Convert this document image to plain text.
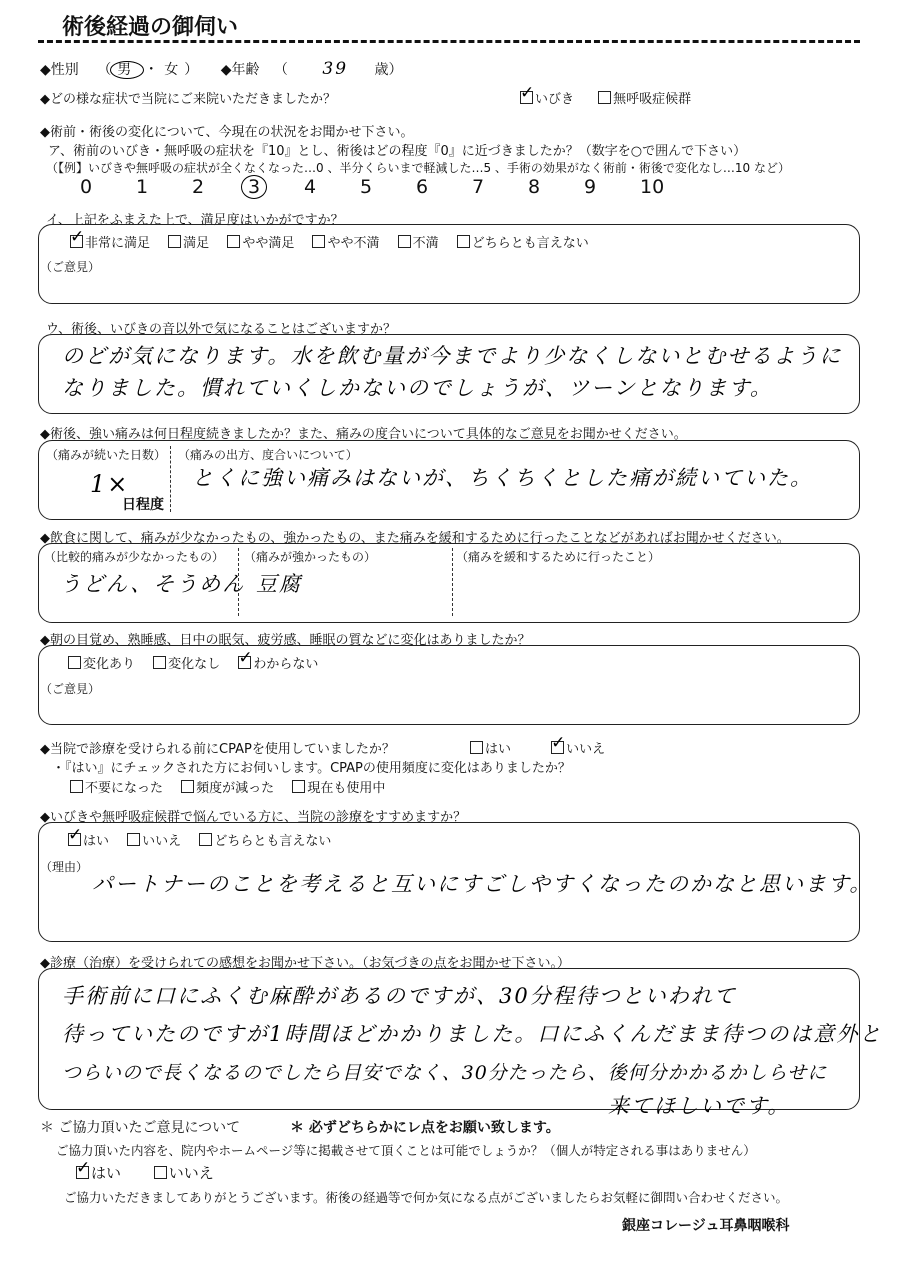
術後経過の御伺い
◆性別 （男 ・女） ◆年齢 （ 39 歳）
◆どの様な症状で当院にご来院いただきましたか？ ✓	いびき	無呼吸症候群
◆術前・術後の変化について、今現在の状況をお聞かせ下さい。
ア、術前のいびき・無呼吸の症状を『10』とし、術後はどの程度『0』に近づきましたか？（数字を○で囲んで下さい）
（【例】いびきや無呼吸の症状が全くなくなった…0 、半分くらいまで軽減した…5 、手術の効果がなく術前・術後で変化なし…10 など）
0 1 2 3 4 5 6 7 8 9 10
イ、上記をふまえた上で、満足度はいかがですか？
✓非常に満足	満足	やや満足	やや不満	不満	どちらとも言えない
（ご意見）
ウ、術後、いびきの音以外で気になることはございますか？
のどが気になります。水を飲む量が今までより少なくしないとむせるように
なりました。慣れていくしかないのでしょうが、ツーンとなります。
◆術後、強い痛みは何日程度続きましたか？また、痛みの度合いについて具体的なご意見をお聞かせください。
（痛みが続いた日数）
1×
日程度
（痛みの出方、度合いについて）
とくに強い痛みはないが、ちくちくとした痛が続いていた。
◆飲食に関して、痛みが少なかったもの、強かったもの、また痛みを緩和するために行ったことなどがあればお聞かせください。
（比較的痛みが少なかったもの）
うどん、そうめん
（痛みが強かったもの）
豆腐
（痛みを緩和するために行ったこと）
◆朝の目覚め、熟睡感、日中の眠気、疲労感、睡眠の質などに変化はありましたか？
変化あり	変化なし ✓	わからない
（ご意見）
◆当院で診療を受けられる前にCPAPを使用していましたか？	はい ✓	いいえ
・『はい』にチェックされた方にお伺いします。CPAPの使用頻度に変化はありましたか？
不要になった	頻度が減った	現在も使用中
◆いびきや無呼吸症候群で悩んでいる方に、当院の診療をすすめますか？
✓はい	いいえ	どちらとも言えない
（理由）
パートナーのことを考えると互いにすごしやすくなったのかなと思います。
◆診療（治療）を受けられての感想をお聞かせ下さい。（お気づきの点をお聞かせ下さい。）
手術前に口にふくむ麻酔があるのですが、30分程待つといわれて
待っていたのですが1時間ほどかかりました。口にふくんだまま待つのは意外と
つらいので長くなるのでしたら目安でなく、30分たったら、後何分かかるかしらせに
来てほしいです。
＊ ご協力頂いたご意見について	＊ 必ずどちらかにレ点をお願い致します。
ご協力頂いた内容を、院内やホームページ等に掲載させて頂くことは可能でしょうか？（個人が特定される事はありません）
✓はい	いいえ
ご協力いただきましてありがとうございます。術後の経過等で何か気になる点がございましたらお気軽に御問い合わせください。
銀座コレージュ耳鼻咽喉科
